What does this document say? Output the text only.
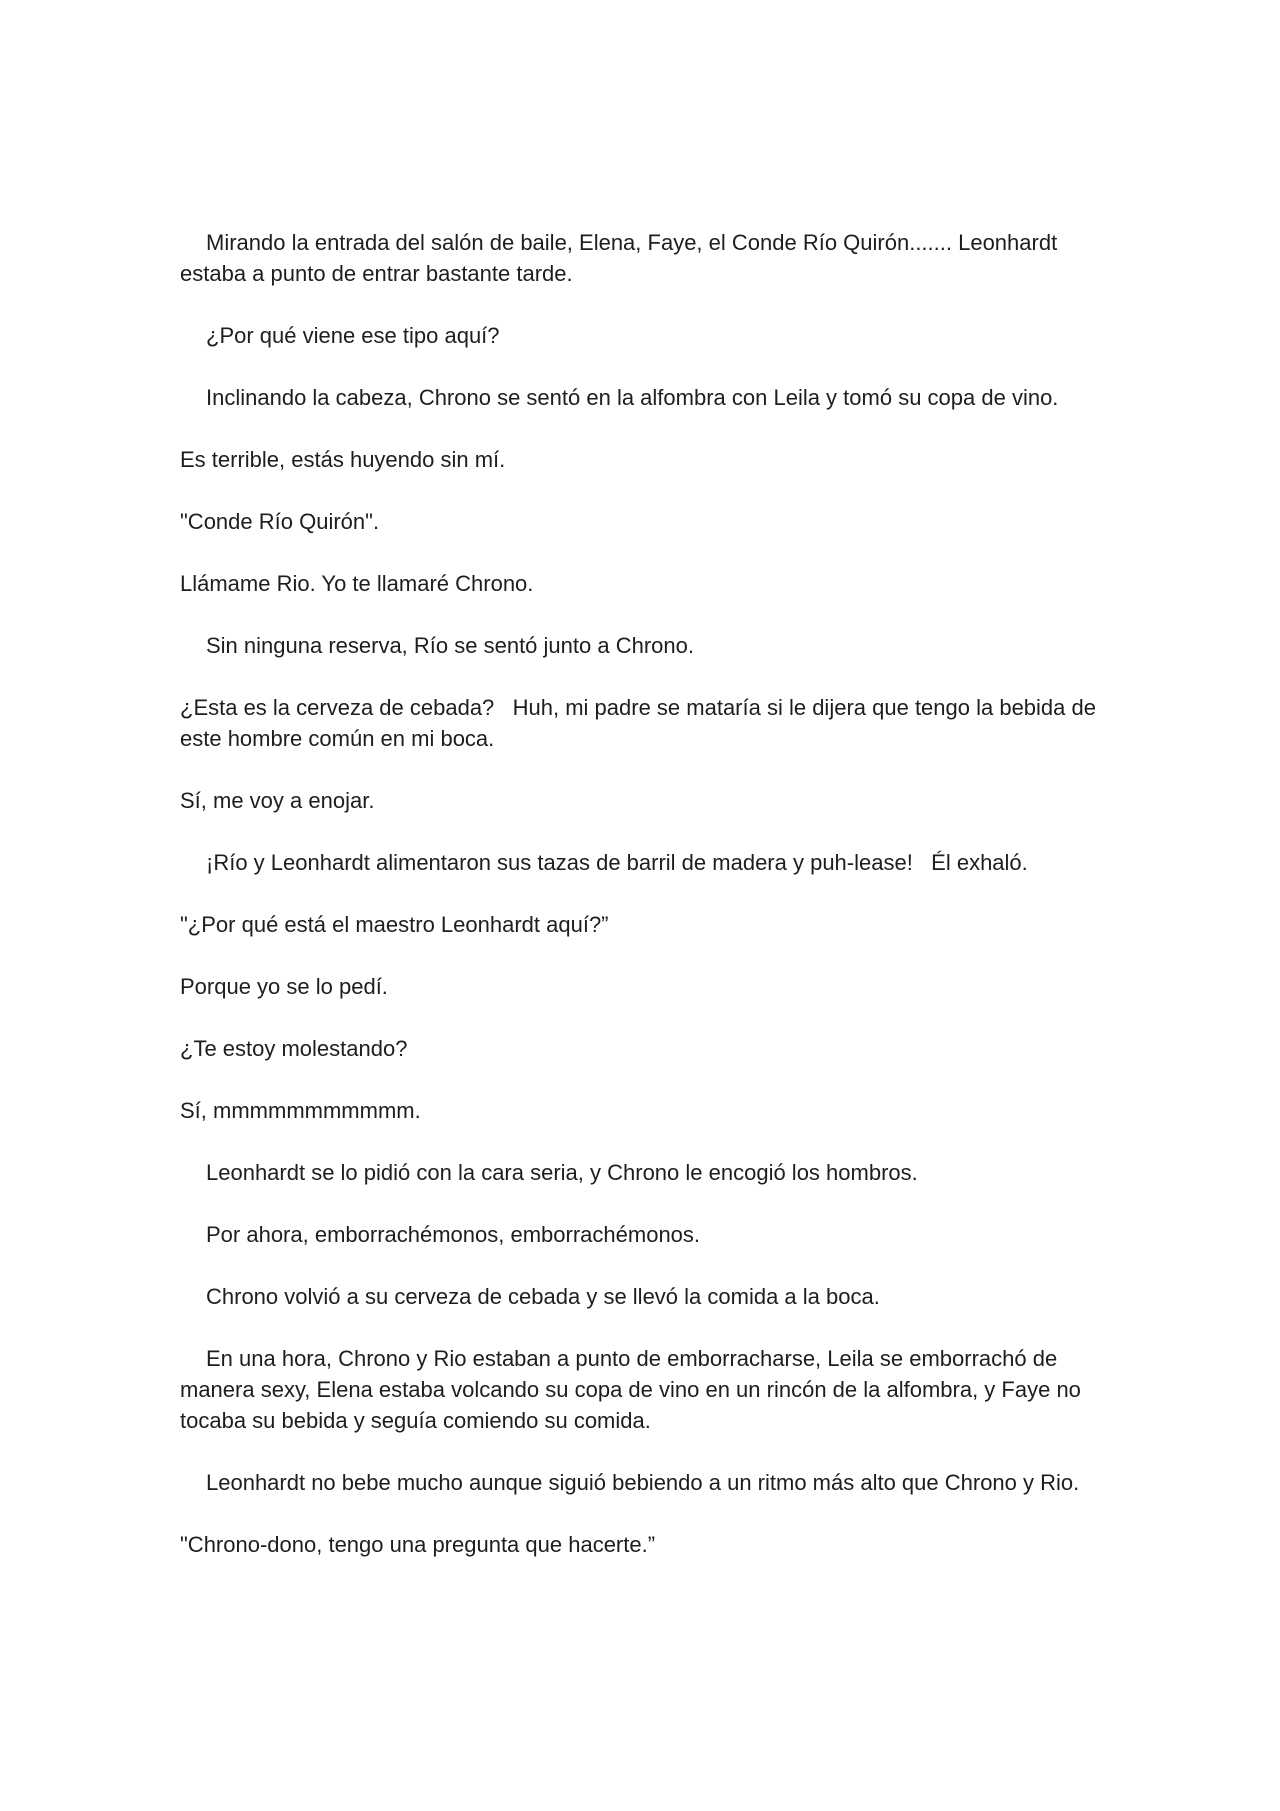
Mirando la entrada del salón de baile, Elena, Faye, el Conde Río Quirón....... Leonhardt estaba a punto de entrar bastante tarde.

¿Por qué viene ese tipo aquí?

Inclinando la cabeza, Chrono se sentó en la alfombra con Leila y tomó su copa de vino.

Es terrible, estás huyendo sin mí.

"Conde Río Quirón".

Llámame Rio. Yo te llamaré Chrono.

Sin ninguna reserva, Río se sentó junto a Chrono.

¿Esta es la cerveza de cebada?   Huh, mi padre se mataría si le dijera que tengo la bebida de este hombre común en mi boca.

Sí, me voy a enojar.

¡Río y Leonhardt alimentaron sus tazas de barril de madera y puh-lease!   Él exhaló.

"¿Por qué está el maestro Leonhardt aquí?”

Porque yo se lo pedí.

¿Te estoy molestando?

Sí, mmmmmmmmmmm.

Leonhardt se lo pidió con la cara seria, y Chrono le encogió los hombros.

Por ahora, emborrachémonos, emborrachémonos.

Chrono volvió a su cerveza de cebada y se llevó la comida a la boca.

En una hora, Chrono y Rio estaban a punto de emborracharse, Leila se emborrachó de manera sexy, Elena estaba volcando su copa de vino en un rincón de la alfombra, y Faye no tocaba su bebida y seguía comiendo su comida.

Leonhardt no bebe mucho aunque siguió bebiendo a un ritmo más alto que Chrono y Rio.

"Chrono-dono, tengo una pregunta que hacerte.”
